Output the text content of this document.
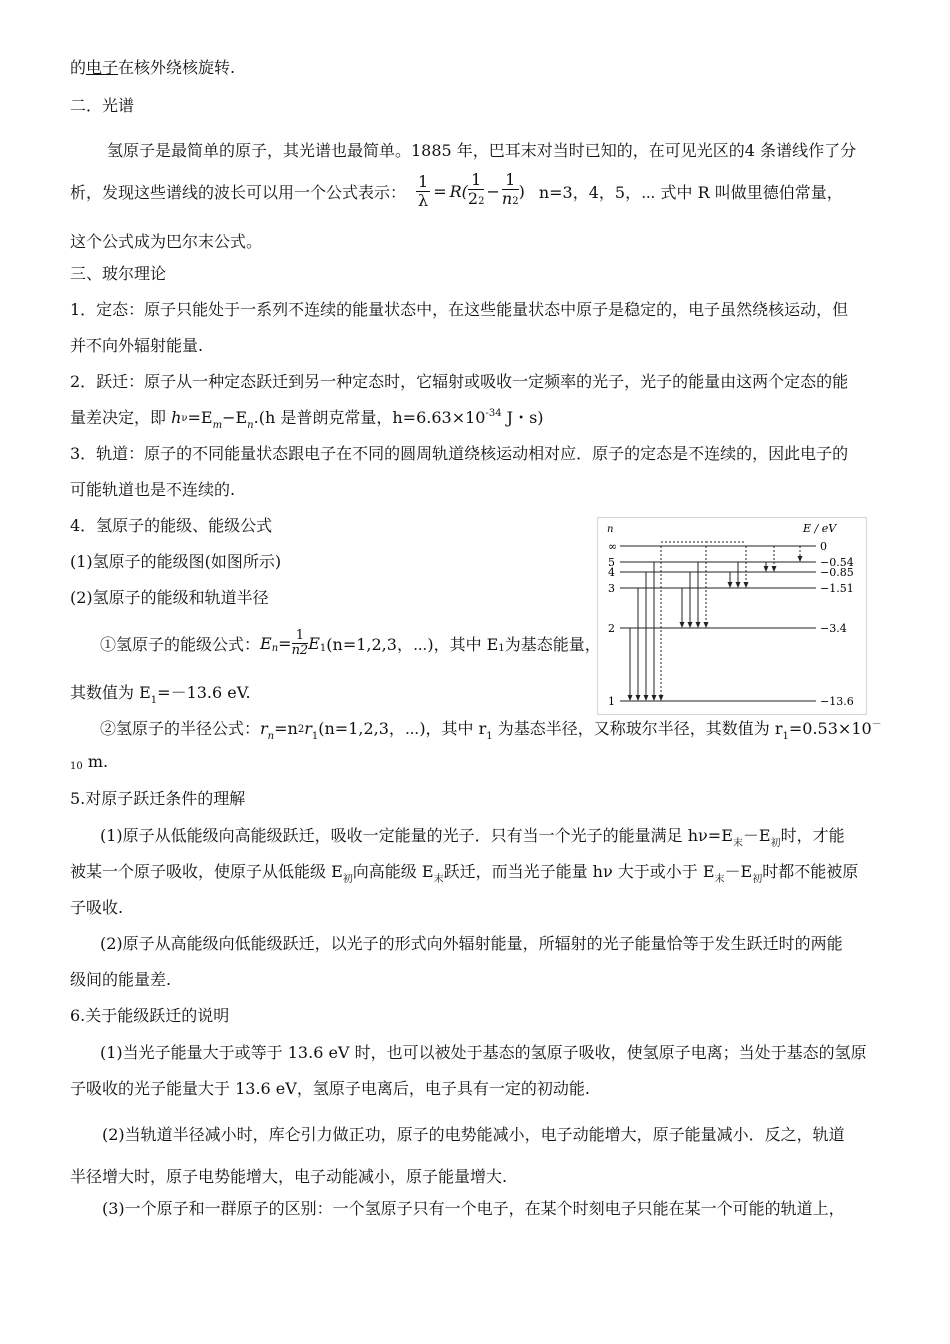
的电子在核外绕核旋转.
二．光谱
氢原子是最简单的原子，其光谱也最简单。1885 年，巴耳末对当时已知的，在可见光区的4 条谱线作了分
析，发现这些谱线的波长可以用一个公式表示： $\frac{1}{\lambda} = R( \frac{1}{22} - \frac{1}{n2}$ ) n=3，4，5，⋯ 式中 R 叫做里德伯常量，
这个公式成为巴尔末公式。
三、玻尔理论
1．定态：原子只能处于一系列不连续的能量状态中，在这些能量状态中原子是稳定的，电子虽然绕核运动，但
并不向外辐射能量.
2．跃迁：原子从一种定态跃迁到另一种定态时，它辐射或吸收一定频率的光子，光子的能量由这两个定态的能
量差决定，即 $h\nu=E_m-E_n.(h$ 是普朗克常量，$h=6.63\times 10^{-34}$ J・s)
3．轨道：原子的不同能量状态跟电子在不同的圆周轨道绕核运动相对应．原子的定态是不连续的，因此电子的
可能轨道也是不连续的.
4．氢原子的能级、能级公式
(1)氢原子的能级图(如图所示)
(2)氢原子的能级和轨道半径
①氢原子的能级公式： E $n = \frac{1}{n2}$ E 1 (n=1,2,3，⋯)，其中 E 1 为基态能量，
其数值为 $E_1=-13.6$ eV.
②氢原子的半径公式：$r_n=n2r_1(n=1,2,3$，⋯)，其中 $r_1$ 为基态半径，又称玻尔半径，其数值为 $r_1=0.53\times 10^-$
10 m.
5.对原子跃迁条件的理解
(1)原子从低能级向高能级跃迁，吸收一定能量的光子．只有当一个光子的能量满足 $h\nu=E_末-E_初$时，才能
被某一个原子吸收，使原子从低能级 $E_初$向高能级 $E_末$跃迁，而当光子能量 hν 大于或小于 $E_末-E_初$时都不能被原
子吸收.
(2)原子从高能级向低能级跃迁，以光子的形式向外辐射能量，所辐射的光子能量恰等于发生跃迁时的两能
级间的能量差.
6.关于能级跃迁的说明
(1)当光子能量大于或等于 13.6 eV 时，也可以被处于基态的氢原子吸收，使氢原子电离；当处于基态的氢原
子吸收的光子能量大于 13.6 eV，氢原子电离后，电子具有一定的初动能.
(2)当轨道半径减小时，库仑引力做正功，原子的电势能减小，电子动能增大，原子能量减小．反之，轨道
半径增大时，原子电势能增大，电子动能减小，原子能量增大.
(3)一个原子和一群原子的区别：一个氢原子只有一个电子，在某个时刻电子只能在某一个可能的轨道上，
n	E / eV
∞	0
5	−0.54
4	−0.85
3	−1.51
2	−3.4
1	−13.6
